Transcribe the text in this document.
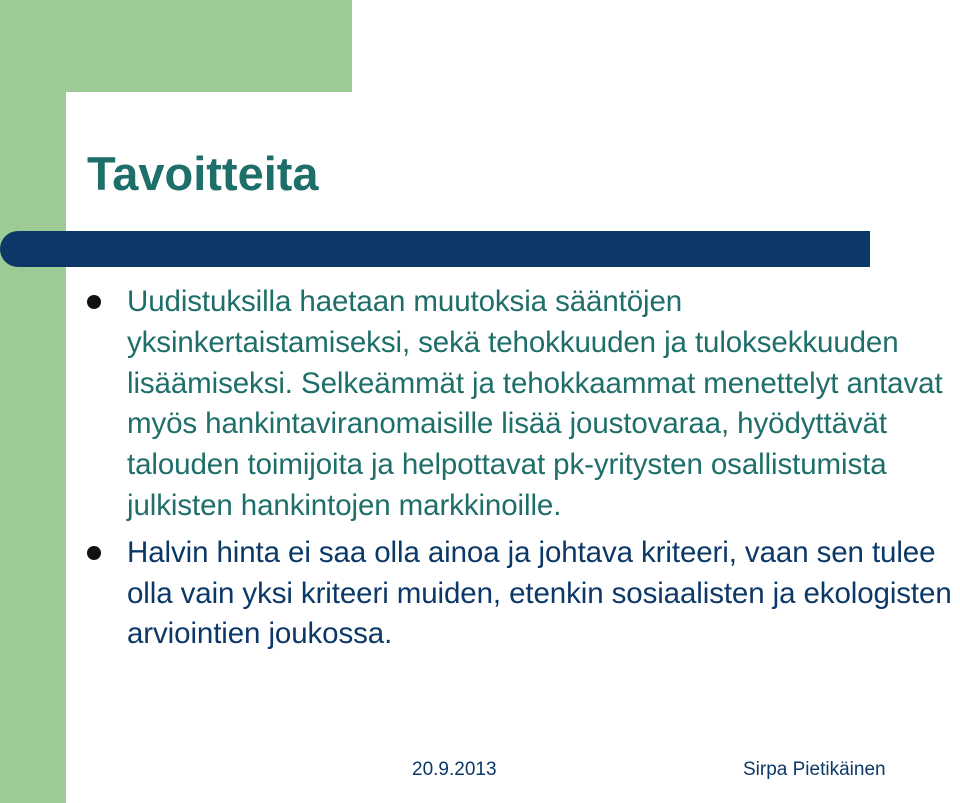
Tavoitteita
Uudistuksilla haetaan muutoksia sääntöjen yksinkertaistamiseksi, sekä tehokkuuden ja tuloksekkuuden lisäämiseksi. Selkeämmät ja tehokkaammat menettelyt antavat myös hankintaviranomaisille lisää joustovaraa, hyödyttävät talouden toimijoita ja helpottavat pk-yritysten osallistumista julkisten hankintojen markkinoille.
Halvin hinta ei saa olla ainoa ja johtava kriteeri, vaan sen tulee olla vain yksi kriteeri muiden, etenkin sosiaalisten ja ekologisten arviointien joukossa.
20.9.2013	Sirpa Pietikäinen
